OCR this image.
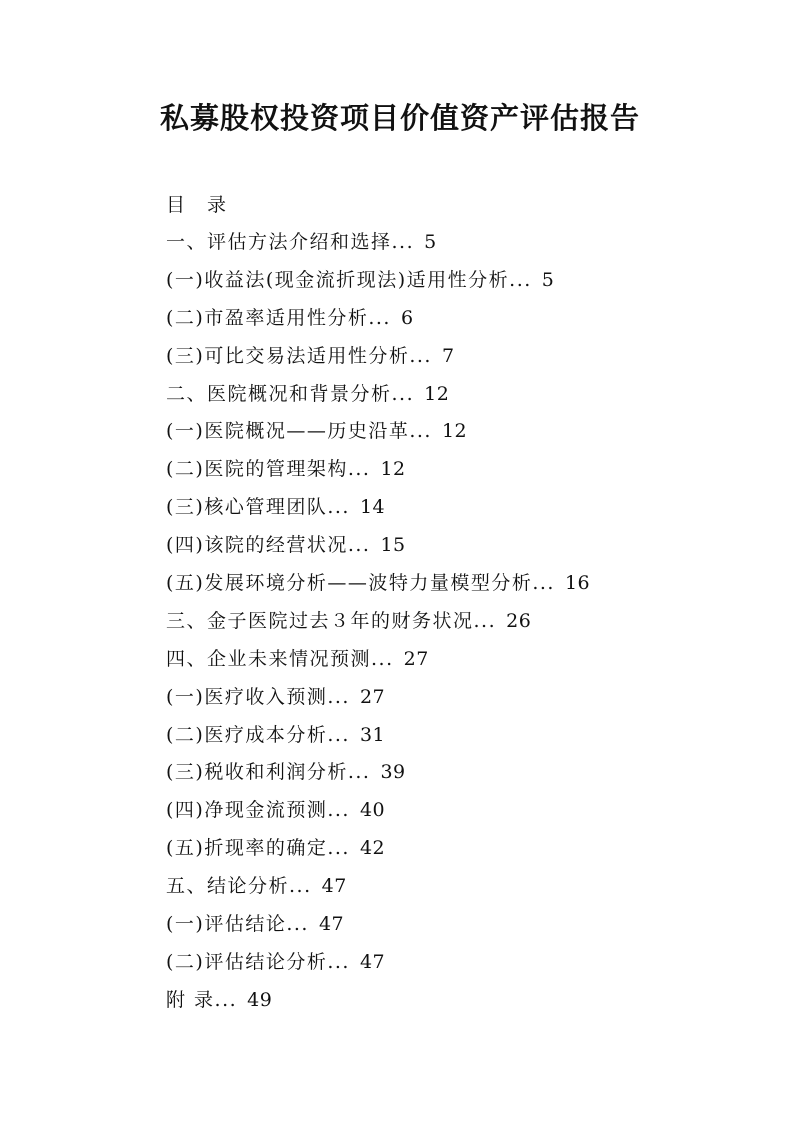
私募股权投资项目价值资产评估报告
目 录
一、评估方法介绍和选择... 5
(一)收益法(现金流折现法)适用性分析... 5
(二)市盈率适用性分析... 6
(三)可比交易法适用性分析... 7
二、医院概况和背景分析... 12
(一)医院概况——历史沿革... 12
(二)医院的管理架构... 12
(三)核心管理团队... 14
(四)该院的经营状况... 15
(五)发展环境分析——波特力量模型分析... 16
三、金子医院过去３年的财务状况... 26
四、企业未来情况预测... 27
(一)医疗收入预测... 27
(二)医疗成本分析... 31
(三)税收和利润分析... 39
(四)净现金流预测... 40
(五)折现率的确定... 42
五、结论分析... 47
(一)评估结论... 47
(二)评估结论分析... 47
附 录... 49
